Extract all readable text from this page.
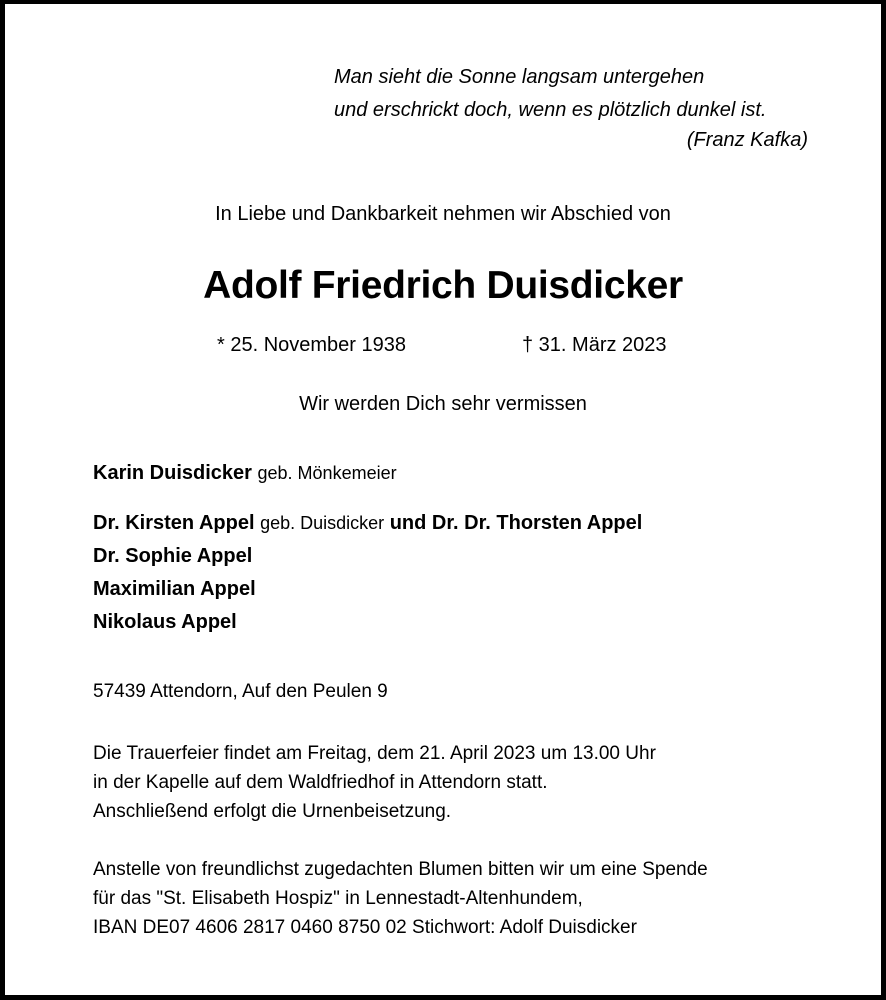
Man sieht die Sonne langsam untergehen
und erschrickt doch, wenn es plötzlich dunkel ist.
(Franz Kafka)
In Liebe und Dankbarkeit nehmen wir Abschied von
Adolf Friedrich Duisdicker
* 25. November 1938	† 31. März 2023
Wir werden Dich sehr vermissen
Karin Duisdicker geb. Mönkemeier
Dr. Kirsten Appel geb. Duisdicker und Dr. Dr. Thorsten Appel
Dr. Sophie Appel
Maximilian Appel
Nikolaus Appel
57439 Attendorn, Auf den Peulen 9
Die Trauerfeier findet am Freitag, dem 21. April 2023 um 13.00 Uhr
in der Kapelle auf dem Waldfriedhof in Attendorn statt.
Anschließend erfolgt die Urnenbeisetzung.
Anstelle von freundlichst zugedachten Blumen bitten wir um eine Spende
für das "St. Elisabeth Hospiz" in Lennestadt-Altenhundem,
IBAN DE07 4606 2817 0460 8750 02 Stichwort: Adolf Duisdicker
